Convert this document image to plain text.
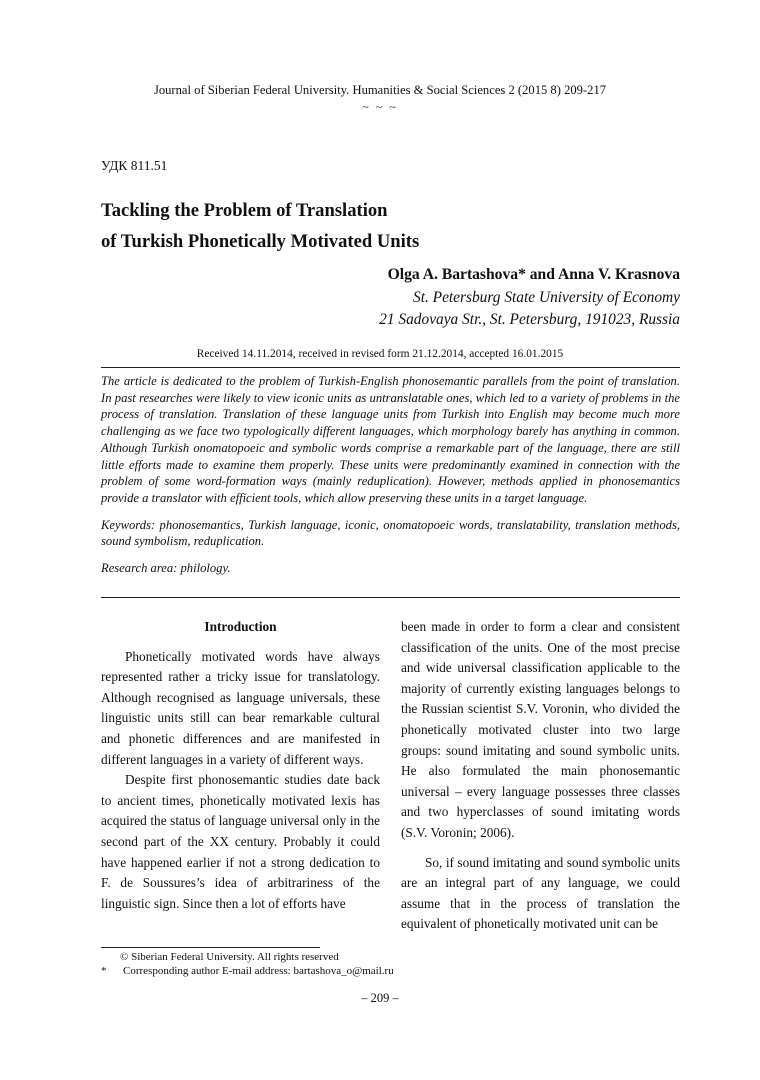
Journal of Siberian Federal University. Humanities & Social Sciences 2 (2015 8) 209-217
~ ~ ~
УДК 811.51
Tackling the Problem of Translation
of Turkish Phonetically Motivated Units
Olga A. Bartashova* and Anna V. Krasnova
St. Petersburg State University of Economy
21 Sadovaya Str., St. Petersburg, 191023, Russia
Received 14.11.2014, received in revised form 21.12.2014, accepted 16.01.2015

The article is dedicated to the problem of Turkish-English phonosemantic parallels from the point of translation. In past researches were likely to view iconic units as untranslatable ones, which led to a variety of problems in the process of translation. Translation of these language units from Turkish into English may become much more challenging as we face two typologically different languages, which morphology barely has anything in common. Although Turkish onomatopoeic and symbolic words comprise a remarkable part of the language, there are still little efforts made to examine them properly. These units were predominantly examined in connection with the problem of some word-formation ways (mainly reduplication). However, methods applied in phonosemantics provide a translator with efficient tools, which allow preserving these units in a target language.

Keywords: phonosemantics, Turkish language, iconic, onomatopoeic words, translatability, translation methods, sound symbolism, reduplication.

Research area: philology.

Introduction

Phonetically motivated words have always represented rather a tricky issue for translatology. Although recognised as language universals, these linguistic units still can bear remarkable cultural and phonetic differences and are manifested in different languages in a variety of different ways.

Despite first phonosemantic studies date back to ancient times, phonetically motivated lexis has acquired the status of language universal only in the second part of the XX century. Probably it could have happened earlier if not a strong dedication to F. de Soussures’s idea of arbitrariness of the linguistic sign. Since then a lot of efforts have

been made in order to form a clear and consistent classification of the units. One of the most precise and wide universal classification applicable to the majority of currently existing languages belongs to the Russian scientist S.V. Voronin, who divided the phonetically motivated cluster into two large groups: sound imitating and sound symbolic units. He also formulated the main phonosemantic universal – every language possesses three classes and two hyperclasses of sound imitating words (S.V. Voronin; 2006).

So, if sound imitating and sound symbolic units are an integral part of any language, we could assume that in the process of translation the equivalent of phonetically motivated unit can be

© Siberian Federal University. All rights reserved
*      Corresponding author E-mail address: bartashova_o@mail.ru
– 209 –
